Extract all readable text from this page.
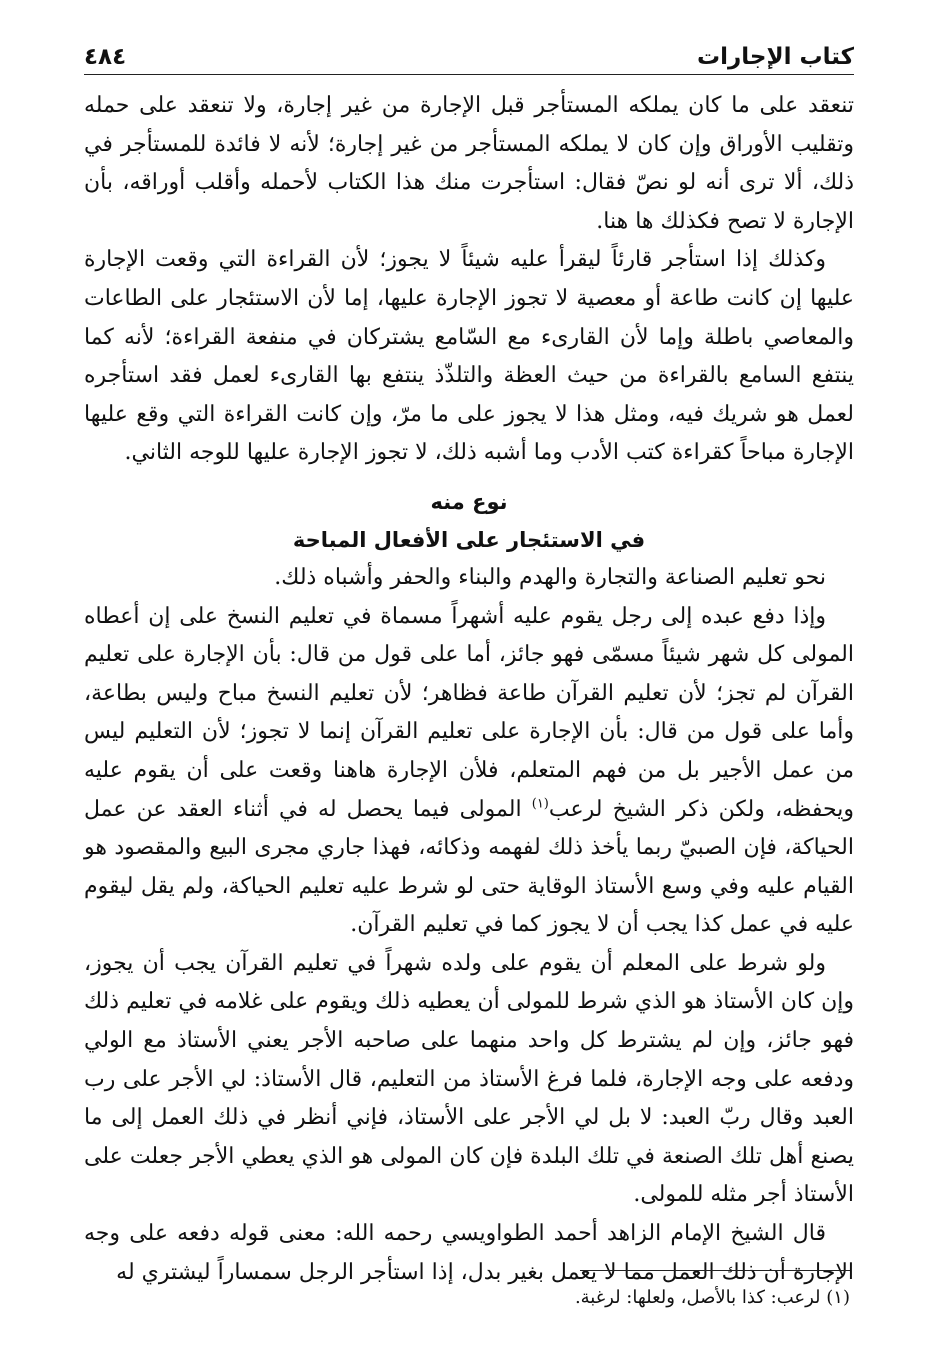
كتاب الإجارات
٤٨٤

تنعقد على ما كان يملكه المستأجر قبل الإجارة من غير إجارة، ولا تنعقد على حمله وتقليب الأوراق وإن كان لا يملكه المستأجر من غير إجارة؛ لأنه لا فائدة للمستأجر في ذلك، ألا ترى أنه لو نصّ فقال: استأجرت منك هذا الكتاب لأحمله وأقلب أوراقه، بأن الإجارة لا تصح فكذلك ها هنا.

وكذلك إذا استأجر قارئاً ليقرأ عليه شيئاً لا يجوز؛ لأن القراءة التي وقعت الإجارة عليها إن كانت طاعة أو معصية لا تجوز الإجارة عليها، إما لأن الاستئجار على الطاعات والمعاصي باطلة وإما لأن القارىء مع السّامع يشتركان في منفعة القراءة؛ لأنه كما ينتفع السامع بالقراءة من حيث العظة والتلذّذ ينتفع بها القارىء لعمل فقد استأجره لعمل هو شريك فيه، ومثل هذا لا يجوز على ما مرّ، وإن كانت القراءة التي وقع عليها الإجارة مباحاً كقراءة كتب الأدب وما أشبه ذلك، لا تجوز الإجارة عليها للوجه الثاني.

نوع منه
في الاستئجار على الأفعال المباحة

نحو تعليم الصناعة والتجارة والهدم والبناء والحفر وأشباه ذلك.

وإذا دفع عبده إلى رجل يقوم عليه أشهراً مسماة في تعليم النسخ على إن أعطاه المولى كل شهر شيئاً مسمّى فهو جائز، أما على قول من قال: بأن الإجارة على تعليم القرآن لم تجز؛ لأن تعليم القرآن طاعة فظاهر؛ لأن تعليم النسخ مباح وليس بطاعة، وأما على قول من قال: بأن الإجارة على تعليم القرآن إنما لا تجوز؛ لأن التعليم ليس من عمل الأجير بل من فهم المتعلم، فلأن الإجارة هاهنا وقعت على أن يقوم عليه ويحفظه، ولكن ذكر الشيخ لرعب$^{(١)}$ المولى فيما يحصل له في أثناء العقد عن عمل الحياكة، فإن الصبيّ ربما يأخذ ذلك لفهمه وذكائه، فهذا جاري مجرى البيع والمقصود هو القيام عليه وفي وسع الأستاذ الوقاية حتى لو شرط عليه تعليم الحياكة، ولم يقل ليقوم عليه في عمل كذا يجب أن لا يجوز كما في تعليم القرآن.

ولو شرط على المعلم أن يقوم على ولده شهراً في تعليم القرآن يجب أن يجوز، وإن كان الأستاذ هو الذي شرط للمولى أن يعطيه ذلك ويقوم على غلامه في تعليم ذلك فهو جائز، وإن لم يشترط كل واحد منهما على صاحبه الأجر يعني الأستاذ مع الولي ودفعه على وجه الإجارة، فلما فرغ الأستاذ من التعليم، قال الأستاذ: لي الأجر على رب العبد وقال ربّ العبد: لا بل لي الأجر على الأستاذ، فإني أنظر في ذلك العمل إلى ما يصنع أهل تلك الصنعة في تلك البلدة فإن كان المولى هو الذي يعطي الأجر جعلت على الأستاذ أجر مثله للمولى.

قال الشيخ الإمام الزاهد أحمد الطواويسي رحمه الله: معنى قوله دفعه على وجه الإجارة أن ذلك العمل مما لا يعمل بغير بدل، إذا استأجر الرجل سمساراً ليشتري له

(١) لرعب: كذا بالأصل، ولعلها: لرغبة.
